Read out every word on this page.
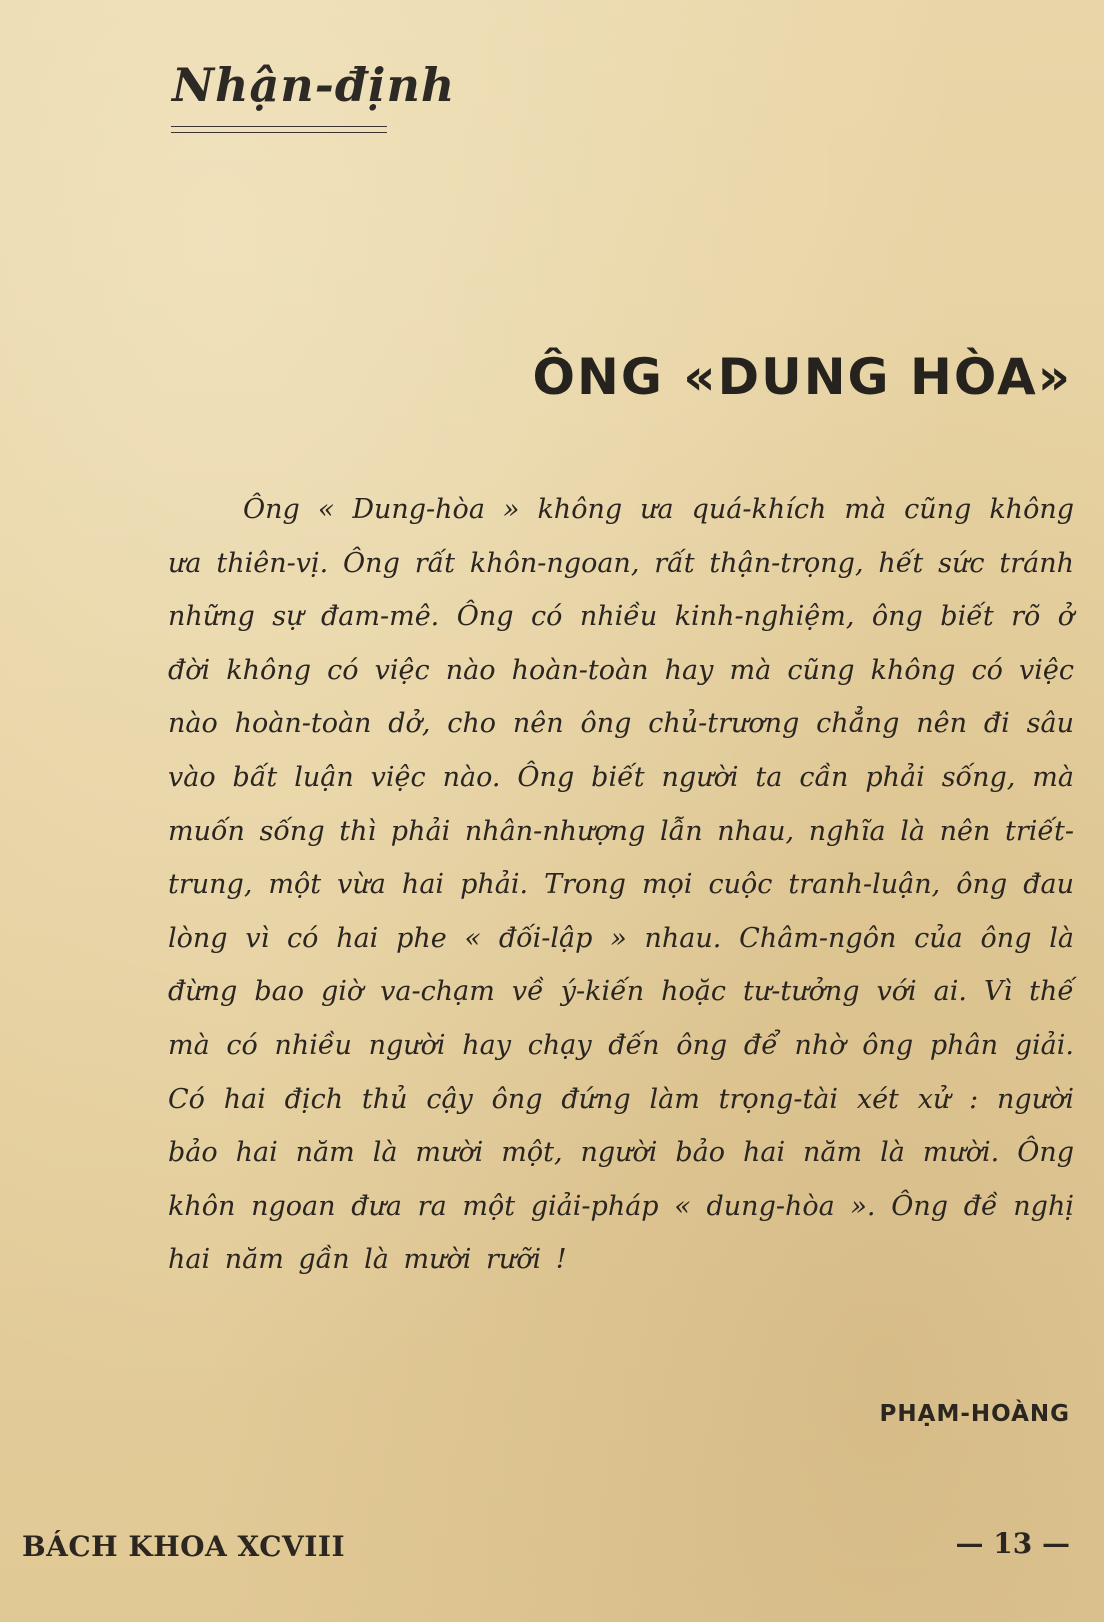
Nhận-định
ÔNG «DUNG HÒA»

Ông « Dung-hòa » không ưa quá-khích mà cũng không ưa thiên-vị. Ông rất khôn-ngoan, rất thận-trọng, hết sức tránh những sự đam-mê. Ông có nhiều kinh-nghiệm, ông biết rõ ở đời không có việc nào hoàn-toàn hay mà cũng không có việc nào hoàn-toàn dở, cho nên ông chủ-trương chẳng nên đi sâu vào bất luận việc nào. Ông biết người ta cần phải sống, mà muốn sống thì phải nhân-nhượng lẫn nhau, nghĩa là nên triết-trung, một vừa hai phải. Trong mọi cuộc tranh-luận, ông đau lòng vì có hai phe « đối-lập » nhau. Châm-ngôn của ông là đừng bao giờ va-chạm về ý-kiến hoặc tư-tưởng với ai. Vì thế mà có nhiều người hay chạy đến ông để nhờ ông phân giải. Có hai địch thủ cậy ông đứng làm trọng-tài xét xử : người bảo hai năm là mười một, người bảo hai năm là mười. Ông khôn ngoan đưa ra một giải-pháp « dung-hòa ». Ông đề nghị hai năm gần là mười rưỡi !

PHẠM-HOÀNG

BÁCH KHOA XCVIII	— 13 —
